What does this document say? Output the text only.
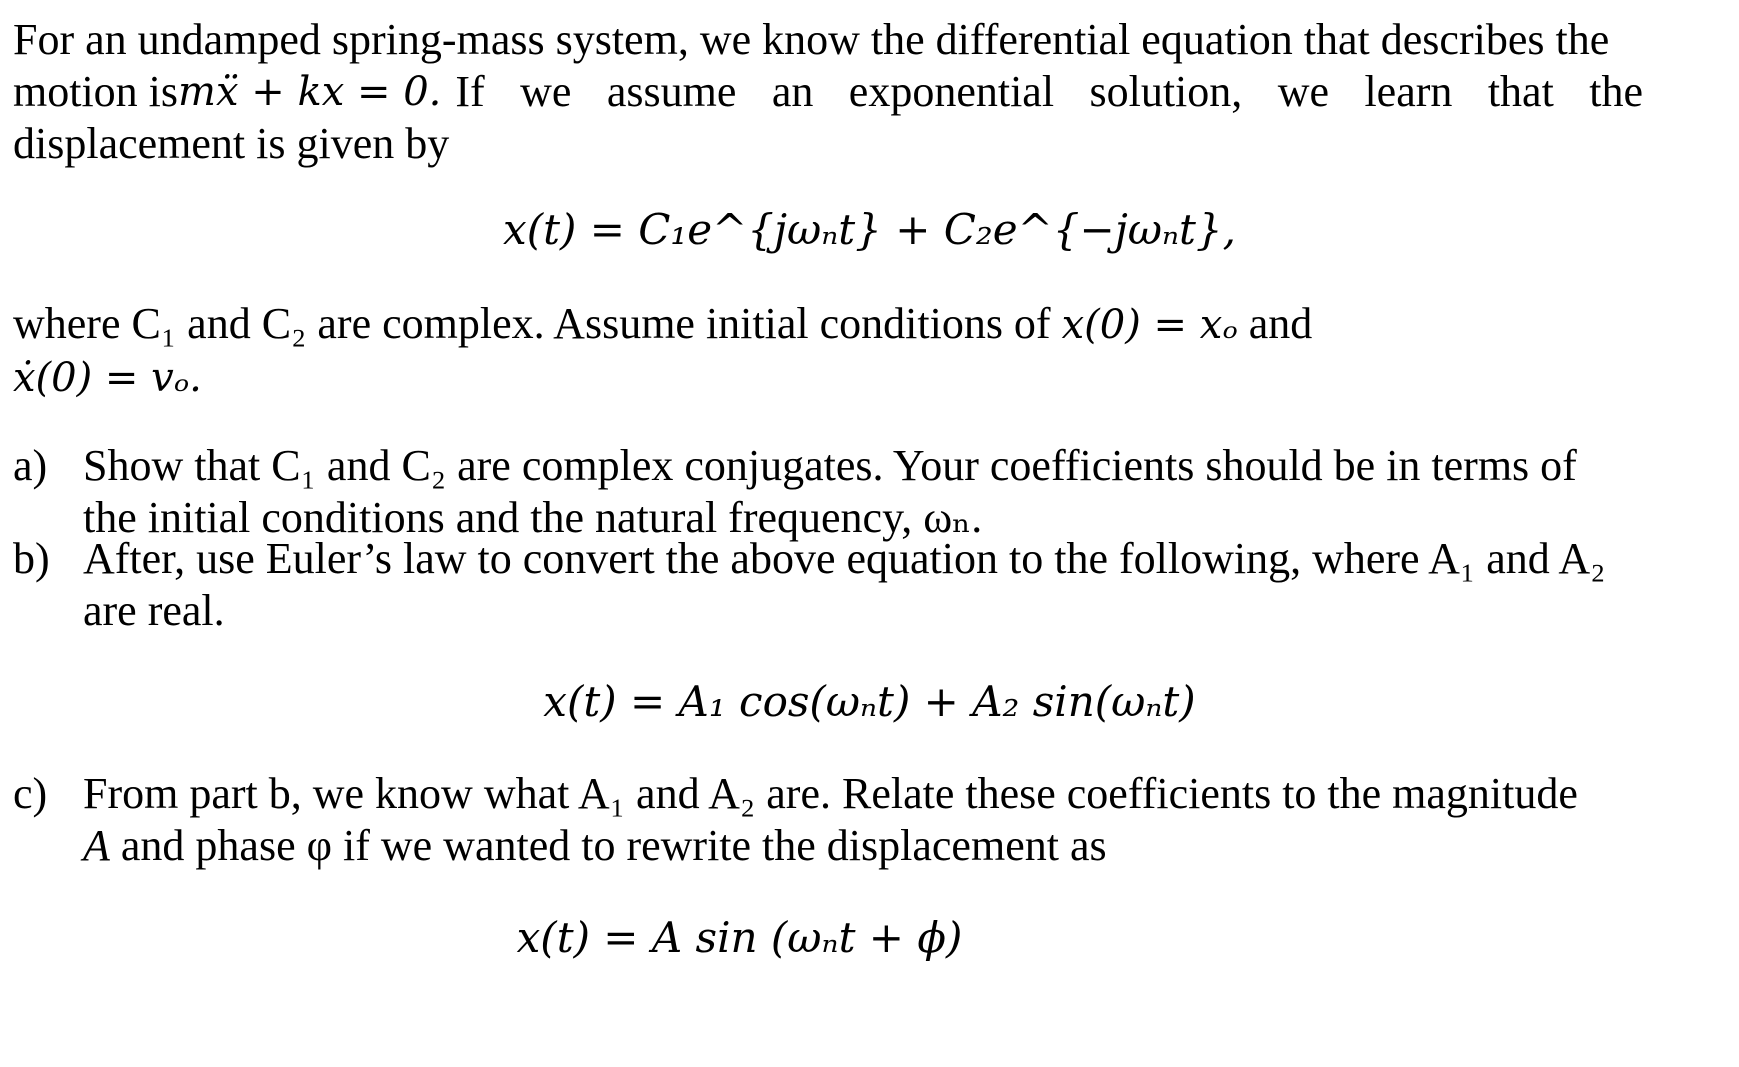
For an undamped spring-mass system, we know the differential equation that describes the
motion is mẍ + kx = 0. If we assume an exponential solution, we learn that the
displacement is given by
x(t) = C₁e^{jωₙt} + C₂e^{−jωₙt},
where C₁ and C₂ are complex. Assume initial conditions of x(0) = xₒ and
ẋ(0) = vₒ.
a) Show that C₁ and C₂ are complex conjugates. Your coefficients should be in terms of
the initial conditions and the natural frequency, ωₙ.
b) After, use Euler’s law to convert the above equation to the following, where A₁ and A₂
are real.
x(t) = A₁ cos(ωₙt) + A₂ sin(ωₙt)
c) From part b, we know what A₁ and A₂ are. Relate these coefficients to the magnitude
A and phase φ if we wanted to rewrite the displacement as
x(t) = A sin (ωₙt + ϕ)
